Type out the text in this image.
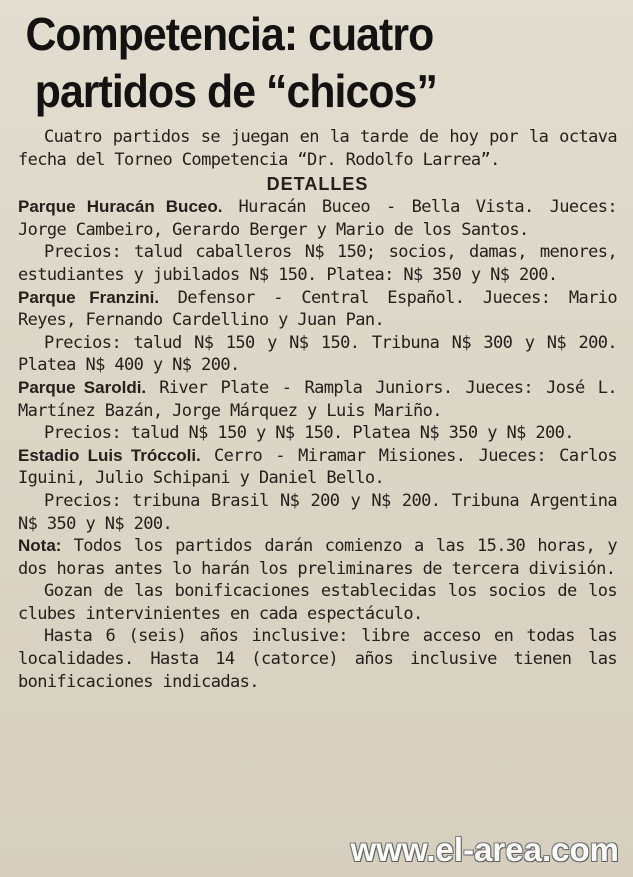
Competencia: cuatro
partidos de “chicos”

Cuatro partidos se juegan en la tarde de hoy por la octava fecha del Torneo Competencia “Dr. Rodolfo Larrea”.

DETALLES

Parque Huracán Buceo. Huracán Buceo - Bella Vista. Jueces: Jorge Cambeiro, Gerardo Berger y Mario de los Santos.

Precios: talud caballeros N$ 150; socios, damas, menores, estudiantes y jubilados N$ 150. Platea: N$ 350 y N$ 200.

Parque Franzini. Defensor - Central Español. Jueces: Mario Reyes, Fernando Cardellino y Juan Pan.

Precios: talud N$ 150 y N$ 150. Tribuna N$ 300 y N$ 200. Platea N$ 400 y N$ 200.

Parque Saroldi. River Plate - Rampla Juniors. Jueces: José L. Martínez Bazán, Jorge Márquez y Luis Mariño.

Precios: talud N$ 150 y N$ 150. Platea N$ 350 y N$ 200.

Estadio Luis Tróccoli. Cerro - Miramar Misiones. Jueces: Carlos Iguini, Julio Schipani y Daniel Bello.

Precios: tribuna Brasil N$ 200 y N$ 200. Tribuna Argentina N$ 350 y N$ 200.

Nota: Todos los partidos darán comienzo a las 15.30 horas, y dos horas antes lo harán los preliminares de tercera división.

Gozan de las bonificaciones establecidas los socios de los clubes intervinientes en cada espectáculo.

Hasta 6 (seis) años inclusive: libre acceso en todas las localidades. Hasta 14 (catorce) años inclusive tienen las bonificaciones indicadas.

www.el-area.com
